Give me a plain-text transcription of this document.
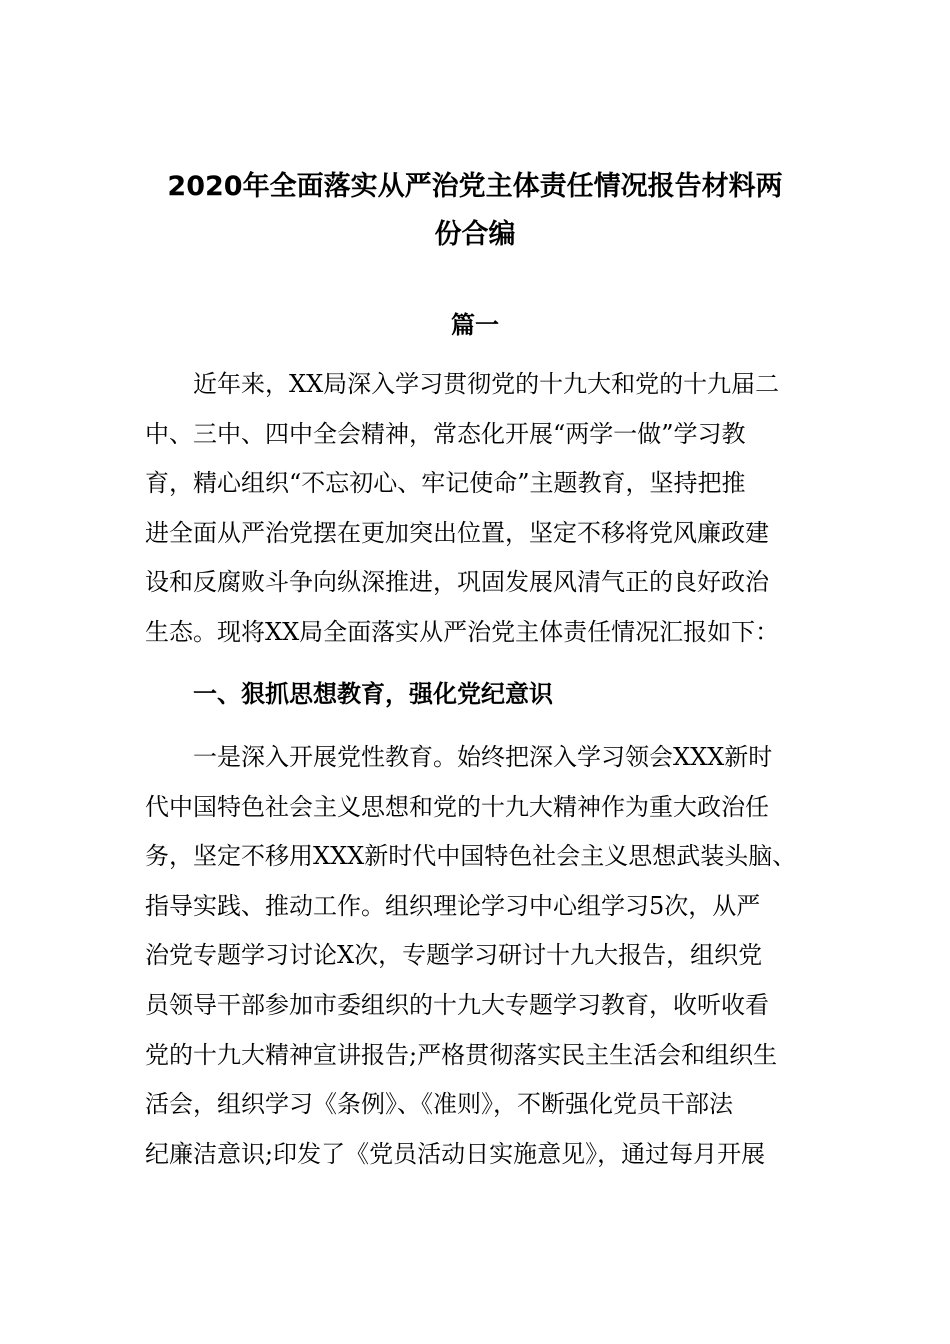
2020年全面落实从严治党主体责任情况报告材料两
份合编
篇一
近年来，XX局深入学习贯彻党的十九大和党的十九届二
中、三中、四中全会精神，常态化开展“两学一做”学习教
育，精心组织“不忘初心、牢记使命”主题教育，坚持把推
进全面从严治党摆在更加突出位置，坚定不移将党风廉政建
设和反腐败斗争向纵深推进，巩固发展风清气正的良好政治
生态。现将XX局全面落实从严治党主体责任情况汇报如下：
一、狠抓思想教育，强化党纪意识
一是深入开展党性教育。始终把深入学习领会XXX新时
代中国特色社会主义思想和党的十九大精神作为重大政治任
务，坚定不移用XXX新时代中国特色社会主义思想武装头脑、
指导实践、推动工作。组织理论学习中心组学习5次，从严
治党专题学习讨论X次，专题学习研讨十九大报告，组织党
员领导干部参加市委组织的十九大专题学习教育，收听收看
党的十九大精神宣讲报告;严格贯彻落实民主生活会和组织生
活会，组织学习《条例》、《准则》，不断强化党员干部法
纪廉洁意识;印发了《党员活动日实施意见》，通过每月开展
